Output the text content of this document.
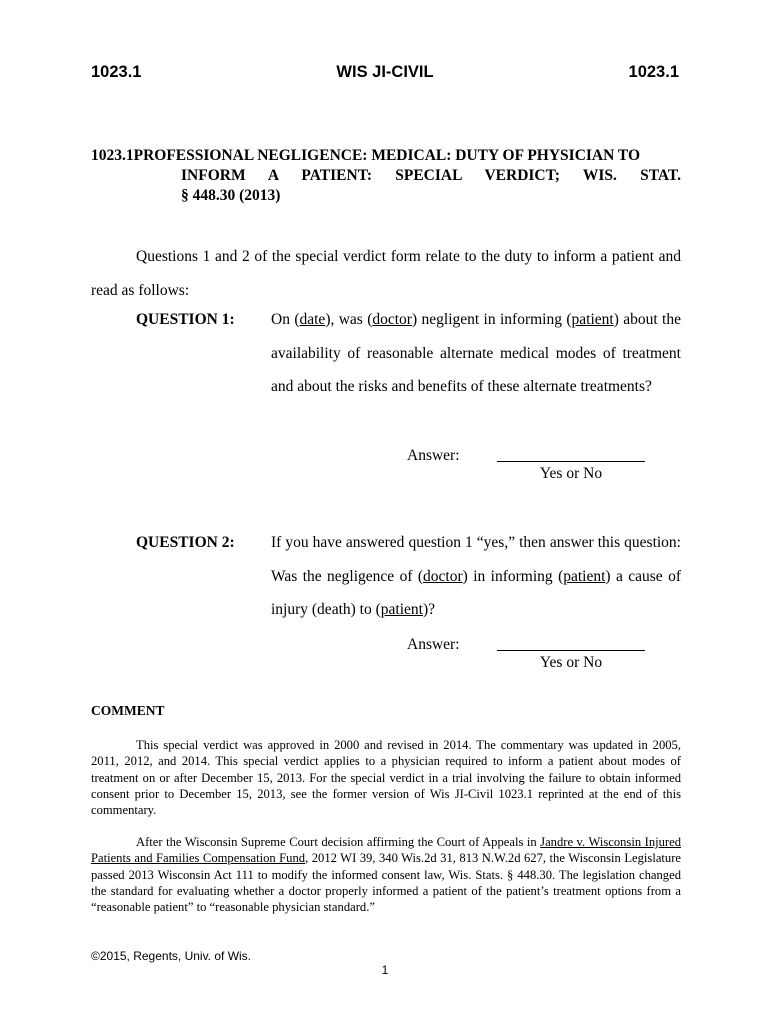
WIS JI-CIVIL
1023.1	1023.1
1023.1PROFESSIONAL NEGLIGENCE: MEDICAL: DUTY OF PHYSICIAN TO
INFORM A PATIENT: SPECIAL VERDICT; WIS. STAT.
§ 448.30 (2013)
Questions 1 and 2 of the special verdict form relate to the duty to inform a patient and read as follows:
QUESTION 1: On (date), was (doctor) negligent in informing (patient) about the availability of reasonable alternate medical modes of treatment and about the risks and benefits of these alternate treatments?
Answer:
Yes or No
QUESTION 2: If you have answered question 1 “yes,” then answer this question: Was the negligence of (doctor) in informing (patient) a cause of injury (death) to (patient)?
Answer:
Yes or No
COMMENT
This special verdict was approved in 2000 and revised in 2014. The commentary was updated in 2005, 2011, 2012, and 2014. This special verdict applies to a physician required to inform a patient about modes of treatment on or after December 15, 2013. For the special verdict in a trial involving the failure to obtain informed consent prior to December 15, 2013, see the former version of Wis JI-Civil 1023.1 reprinted at the end of this commentary.
After the Wisconsin Supreme Court decision affirming the Court of Appeals in Jandre v. Wisconsin Injured Patients and Families Compensation Fund, 2012 WI 39, 340 Wis.2d 31, 813 N.W.2d 627, the Wisconsin Legislature passed 2013 Wisconsin Act 111 to modify the informed consent law, Wis. Stats. § 448.30. The legislation changed the standard for evaluating whether a doctor properly informed a patient of the patient’s treatment options from a “reasonable patient” to “reasonable physician standard.”
©2015, Regents, Univ. of Wis.
1
